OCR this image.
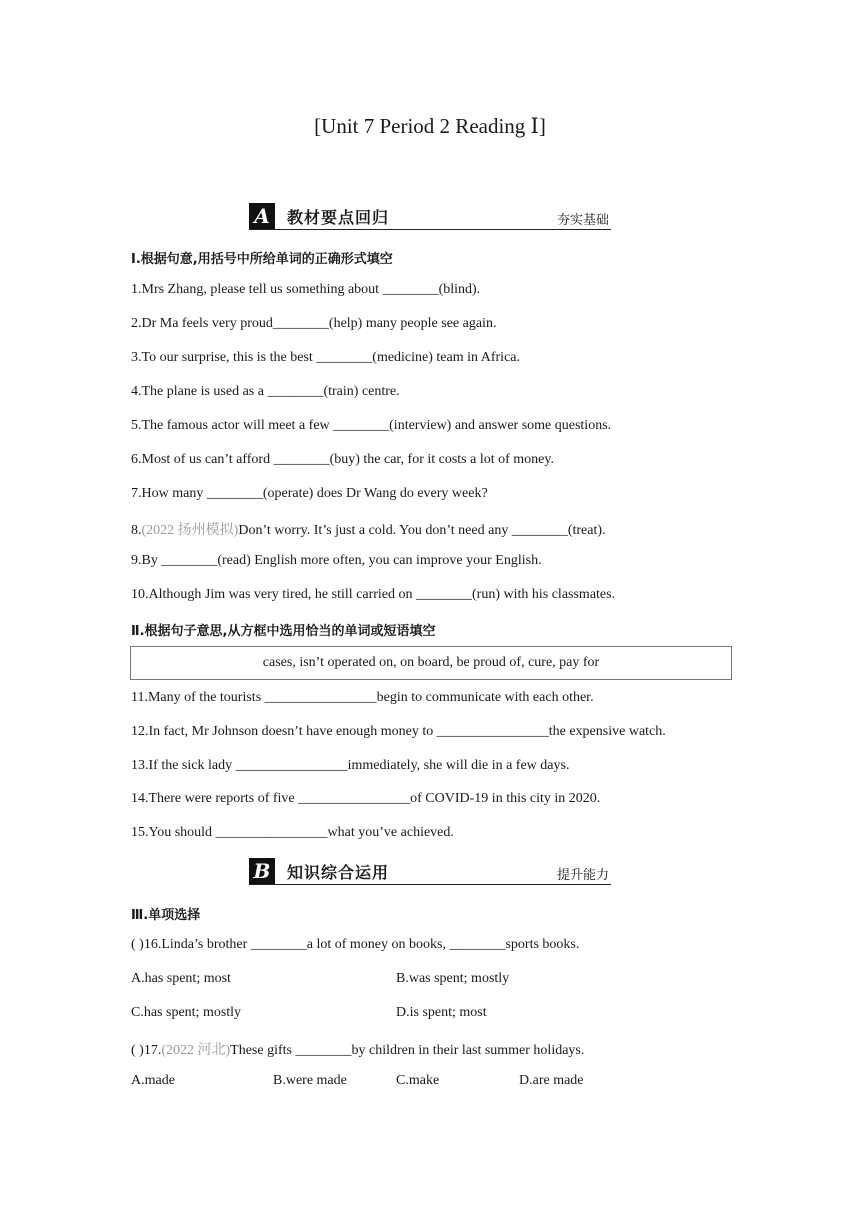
[Unit 7 Period 2 Reading Ⅰ]
A	教材要点回归	夯实基础
Ⅰ.根据句意,用括号中所给单词的正确形式填空
1.Mrs Zhang, please tell us something about ________(blind).
2.Dr Ma feels very proud________(help) many people see again.
3.To our surprise, this is the best ________(medicine) team in Africa.
4.The plane is used as a ________(train) centre.
5.The famous actor will meet a few ________(interview) and answer some questions.
6.Most of us can’t afford ________(buy) the car, for it costs a lot of money.
7.How many ________(operate) does Dr Wang do every week?
8.(2022 扬州模拟)Don’t worry. It’s just a cold. You don’t need any ________(treat).
9.By ________(read) English more often, you can improve your English.
10.Although Jim was very tired, he still carried on ________(run) with his classmates.
Ⅱ.根据句子意思,从方框中选用恰当的单词或短语填空
cases, isn’t operated on, on board, be proud of, cure, pay for
11.Many of the tourists ________________begin to communicate with each other.
12.In fact, Mr Johnson doesn’t have enough money to ________________the expensive watch.
13.If the sick lady ________________immediately, she will die in a few days.
14.There were reports of five ________________of COVID-19 in this city in 2020.
15.You should ________________what you’ve achieved.
B 知识综合运用	提升能力
Ⅲ.单项选择
( )16.Linda’s brother ________a lot of money on books, ________sports books.
A.has spent; most	B.was spent; mostly
C.has spent; mostly	D.is spent; most
( )17.(2022 河北)These gifts ________by children in their last summer holidays.
A.made	B.were made	C.make	D.are made
